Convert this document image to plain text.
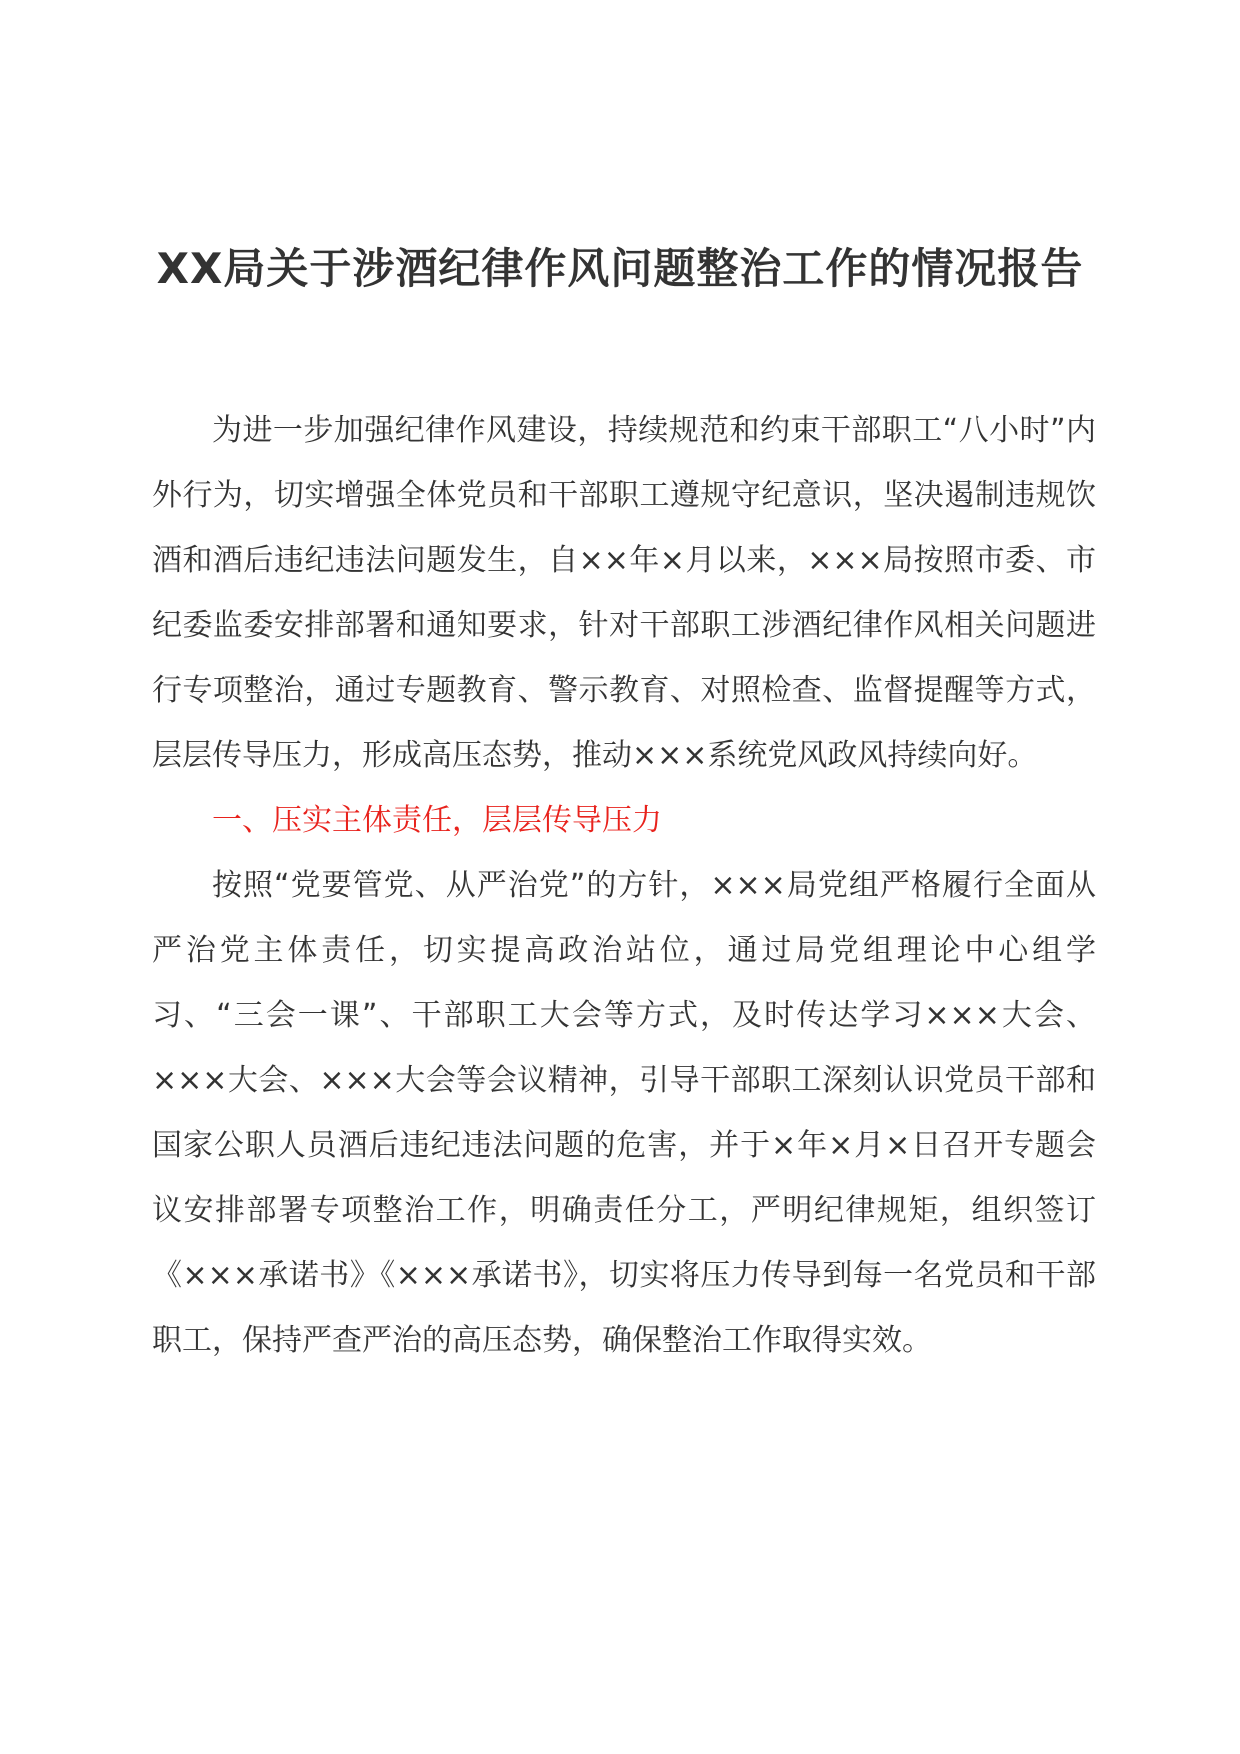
XX局关于涉酒纪律作风问题整治工作的情况报告

为进一步加强纪律作风建设，持续规范和约束干部职工“八小时”内外行为，切实增强全体党员和干部职工遵规守纪意识，坚决遏制违规饮酒和酒后违纪违法问题发生，自××年×月以来，×××局按照市委、市纪委监委安排部署和通知要求，针对干部职工涉酒纪律作风相关问题进行专项整治，通过专题教育、警示教育、对照检查、监督提醒等方式，层层传导压力，形成高压态势，推动×××系统党风政风持续向好。

一、压实主体责任，层层传导压力

按照“党要管党、从严治党”的方针，×××局党组严格履行全面从严治党主体责任，切实提高政治站位，通过局党组理论中心组学习、“三会一课”、干部职工大会等方式，及时传达学习×××大会、×××大会、×××大会等会议精神，引导干部职工深刻认识党员干部和国家公职人员酒后违纪违法问题的危害，并于×年×月×日召开专题会议安排部署专项整治工作，明确责任分工，严明纪律规矩，组织签订《×××承诺书》《×××承诺书》，切实将压力传导到每一名党员和干部职工，保持严查严治的高压态势，确保整治工作取得实效。
